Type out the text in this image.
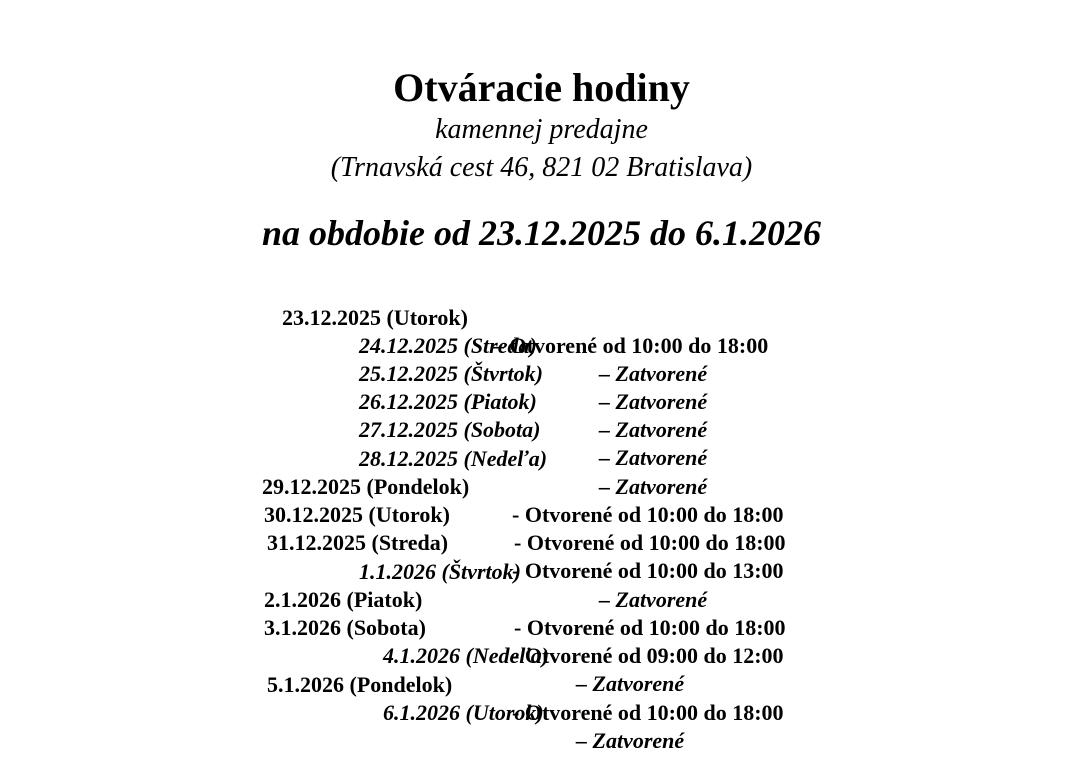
Otváracie hodiny
kamennej predajne
(Trnavská cest 46, 821 02 Bratislava)
na obdobie od 23.12.2025 do 6.1.2026

23.12.2025 (Utorok)

– Otvorené od 10:00 do 18:00

24.12.2025 (Streda)

– Zatvorené

25.12.2025 (Štvrtok)

– Zatvorené

26.12.2025 (Piatok)

– Zatvorené

27.12.2025 (Sobota)

– Zatvorené

28.12.2025 (Nedeľa)

– Zatvorené

29.12.2025 (Pondelok)

- Otvorené od 10:00 do 18:00

30.12.2025 (Utorok)

- Otvorené od 10:00 do 18:00

31.12.2025 (Streda)

- Otvorené od 10:00 do 13:00

1.1.2026 (Štvrtok)

– Zatvorené

2.1.2026 (Piatok)

- Otvorené od 10:00 do 18:00

3.1.2026 (Sobota)

- Otvorené od 09:00 do 12:00

4.1.2026 (Nedeľa)

– Zatvorené

5.1.2026 (Pondelok)

- Otvorené od 10:00 do 18:00

6.1.2026 (Utorok)

– Zatvorené
